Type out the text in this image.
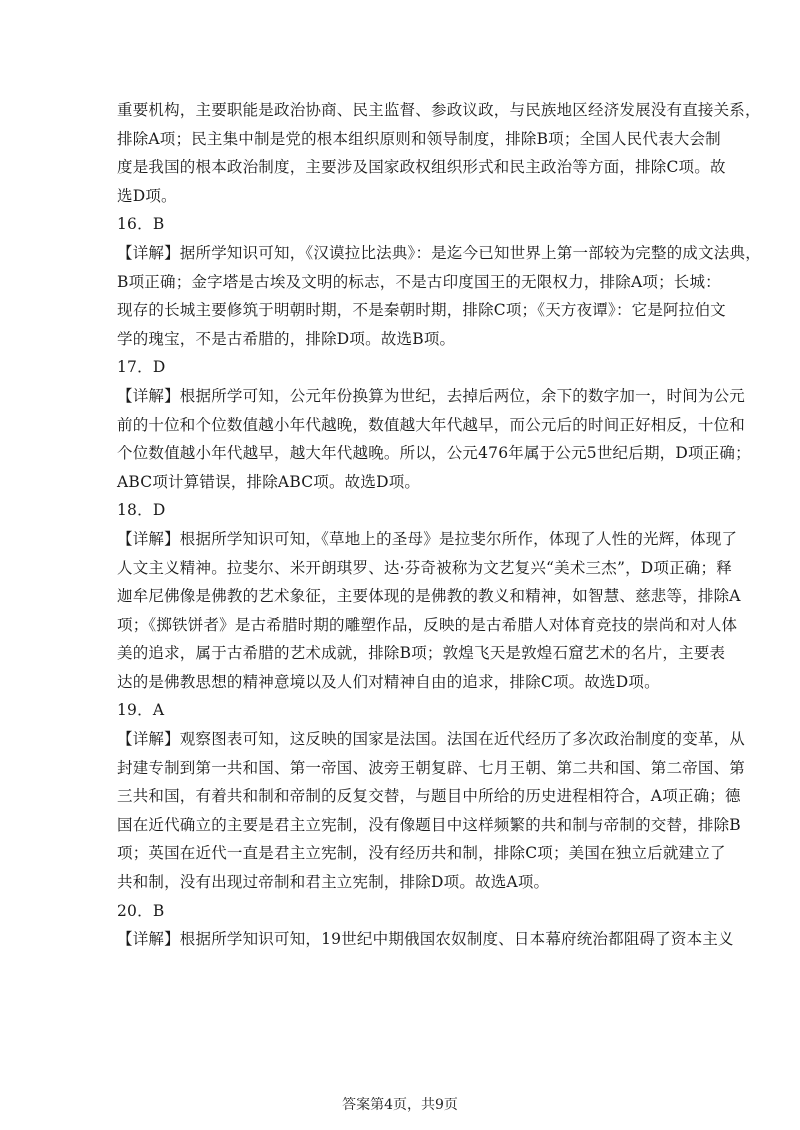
重要机构，主要职能是政治协商、民主监督、参政议政，与民族地区经济发展没有直接关系，
排除A项；民主集中制是党的根本组织原则和领导制度，排除B项；全国人民代表大会制
度是我国的根本政治制度，主要涉及国家政权组织形式和民主政治等方面，排除C项。故
选D项。
16．B
【详解】据所学知识可知，《汉谟拉比法典》：是迄今已知世界上第一部较为完整的成文法典，
B项正确；金字塔是古埃及文明的标志，不是古印度国王的无限权力，排除A项；长城：
现存的长城主要修筑于明朝时期，不是秦朝时期，排除C项；《天方夜谭》：它是阿拉伯文
学的瑰宝，不是古希腊的，排除D项。故选B项。
17．D
【详解】根据所学可知，公元年份换算为世纪，去掉后两位，余下的数字加一，时间为公元
前的十位和个位数值越小年代越晚，数值越大年代越早，而公元后的时间正好相反，十位和
个位数值越小年代越早，越大年代越晚。所以，公元476年属于公元5世纪后期，D项正确；
ABC项计算错误，排除ABC项。故选D项。
18．D
【详解】根据所学知识可知，《草地上的圣母》是拉斐尔所作，体现了人性的光辉，体现了
人文主义精神。拉斐尔、米开朗琪罗、达·芬奇被称为文艺复兴“美术三杰”，D项正确；释
迦牟尼佛像是佛教的艺术象征，主要体现的是佛教的教义和精神，如智慧、慈悲等，排除A
项；《掷铁饼者》是古希腊时期的雕塑作品，反映的是古希腊人对体育竞技的崇尚和对人体
美的追求，属于古希腊的艺术成就，排除B项；敦煌飞天是敦煌石窟艺术的名片，主要表
达的是佛教思想的精神意境以及人们对精神自由的追求，排除C项。故选D项。
19．A
【详解】观察图表可知，这反映的国家是法国。法国在近代经历了多次政治制度的变革，从
封建专制到第一共和国、第一帝国、波旁王朝复辟、七月王朝、第二共和国、第二帝国、第
三共和国，有着共和制和帝制的反复交替，与题目中所给的历史进程相符合，A项正确；德
国在近代确立的主要是君主立宪制，没有像题目中这样频繁的共和制与帝制的交替，排除B
项；英国在近代一直是君主立宪制，没有经历共和制，排除C项；美国在独立后就建立了
共和制，没有出现过帝制和君主立宪制，排除D项。故选A项。
20．B
【详解】根据所学知识可知，19世纪中期俄国农奴制度、日本幕府统治都阻碍了资本主义
答案第4页，共9页
